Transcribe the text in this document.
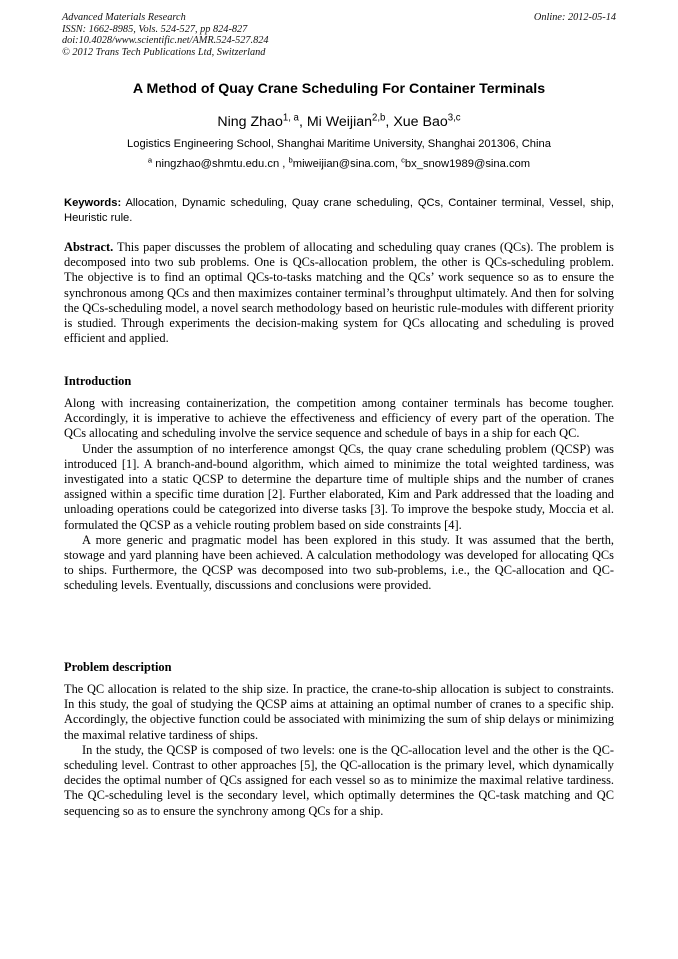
Advanced Materials Research
ISSN: 1662-8985, Vols. 524-527, pp 824-827
doi:10.4028/www.scientific.net/AMR.524-527.824
© 2012 Trans Tech Publications Ltd, Switzerland
Online: 2012-05-14
A Method of Quay Crane Scheduling For Container Terminals
Ning Zhao$^{1, a}$, Mi Weijian$^{2,b}$, Xue Bao$^{3,c}$
Logistics Engineering School, Shanghai Maritime University, Shanghai 201306, China
$^a$ ningzhao@shmtu.edu.cn , $^b$miweijian@sina.com, $^c$bx_snow1989@sina.com
Keywords: Allocation, Dynamic scheduling, Quay crane scheduling, QCs, Container terminal, Vessel, ship, Heuristic rule.

Abstract. This paper discusses the problem of allocating and scheduling quay cranes (QCs). The problem is decomposed into two sub problems. One is QCs-allocation problem, the other is QCs-scheduling problem. The objective is to find an optimal QCs-to-tasks matching and the QCs’ work sequence so as to ensure the synchronous among QCs and then maximizes container terminal’s throughput ultimately. And then for solving the QCs-scheduling model, a novel search methodology based on heuristic rule-modules with different priority is studied. Through experiments the decision-making system for QCs allocating and scheduling is proved efficient and applied.

Introduction

Along with increasing containerization, the competition among container terminals has become tougher. Accordingly, it is imperative to achieve the effectiveness and efficiency of every part of the operation. The QCs allocating and scheduling involve the service sequence and schedule of bays in a ship for each QC.

Under the assumption of no interference amongst QCs, the quay crane scheduling problem (QCSP) was introduced [1]. A branch-and-bound algorithm, which aimed to minimize the total weighted tardiness, was investigated into a static QCSP to determine the departure time of multiple ships and the number of cranes assigned within a specific time duration [2]. Further elaborated, Kim and Park addressed that the loading and unloading operations could be categorized into diverse tasks [3]. To improve the bespoke study, Moccia et al. formulated the QCSP as a vehicle routing problem based on side constraints [4].

A more generic and pragmatic model has been explored in this study. It was assumed that the berth, stowage and yard planning have been achieved. A calculation methodology was developed for allocating QCs to ships. Furthermore, the QCSP was decomposed into two sub-problems, i.e., the QC-allocation and QC-scheduling levels. Eventually, discussions and conclusions were provided.

Problem description

The QC allocation is related to the ship size. In practice, the crane-to-ship allocation is subject to constraints. In this study, the goal of studying the QCSP aims at attaining an optimal number of cranes to a specific ship. Accordingly, the objective function could be associated with minimizing the sum of ship delays or minimizing the maximal relative tardiness of ships.

In the study, the QCSP is composed of two levels: one is the QC-allocation level and the other is the QC-scheduling level. Contrast to other approaches [5], the QC-allocation is the primary level, which dynamically decides the optimal number of QCs assigned for each vessel so as to minimize the maximal relative tardiness. The QC-scheduling level is the secondary level, which optimally determines the QC-task matching and QC sequencing so as to ensure the synchrony among QCs for a ship.
